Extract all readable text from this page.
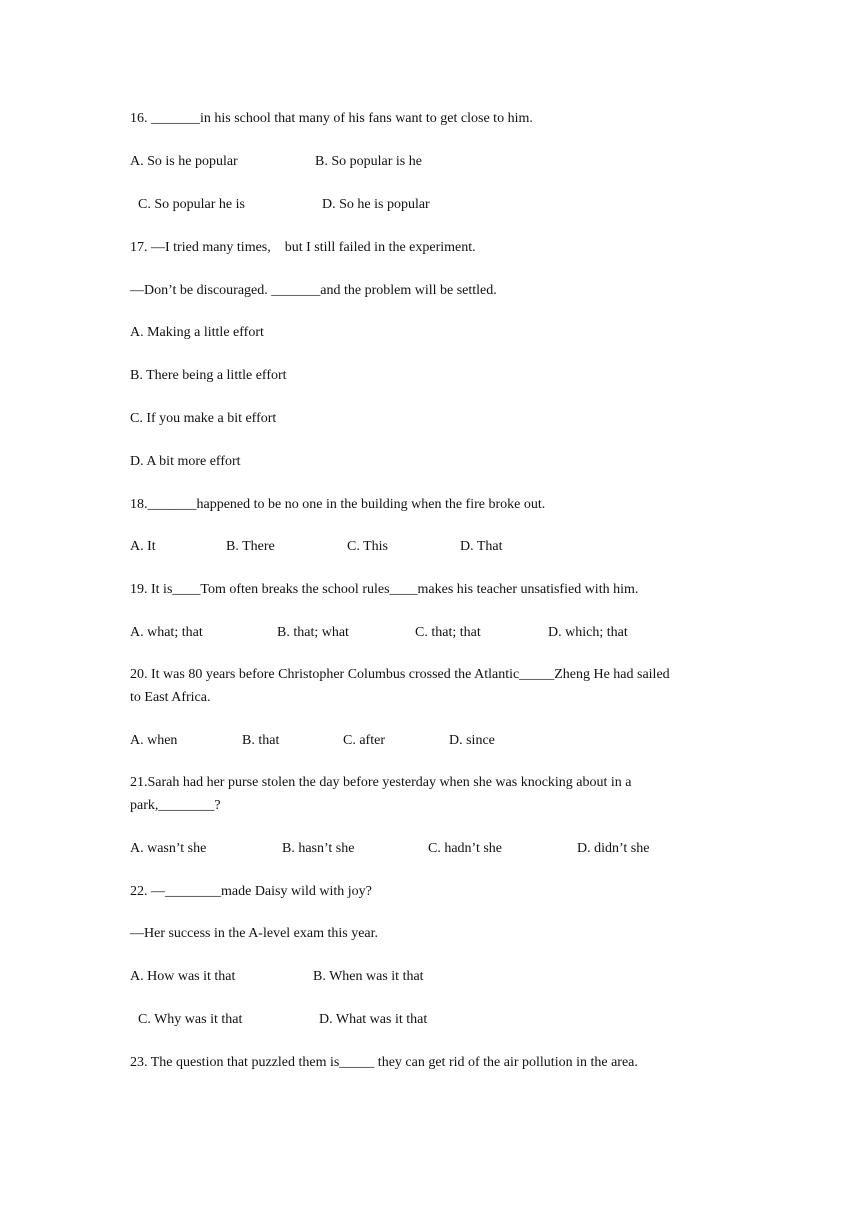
16. _______in his school that many of his fans want to get close to him.
A. So is he popular	B. So popular is he
C. So popular he is	D. So he is popular
17. —I tried many times,    but I still failed in the experiment.
—Don’t be discouraged. _______and the problem will be settled.
A. Making a little effort
B. There being a little effort
C. If you make a bit effort
D. A bit more effort
18._______happened to be no one in the building when the fire broke out.
A. It	B. There	C. This	D. That
19. It is____Tom often breaks the school rules____makes his teacher unsatisfied with him.
A. what; that	B. that; what	C. that; that	D. which; that
20. It was 80 years before Christopher Columbus crossed the Atlantic_____Zheng He had sailed
to East Africa.
A. when	B. that	C. after	D. since
21.Sarah had her purse stolen the day before yesterday when she was knocking about in a
park,________?
A. wasn’t she	B. hasn’t she	C. hadn’t she	D. didn’t she
22. —________made Daisy wild with joy?
—Her success in the A-level exam this year.
A. How was it that	B. When was it that
C. Why was it that	D. What was it that
23. The question that puzzled them is_____ they can get rid of the air pollution in the area.
